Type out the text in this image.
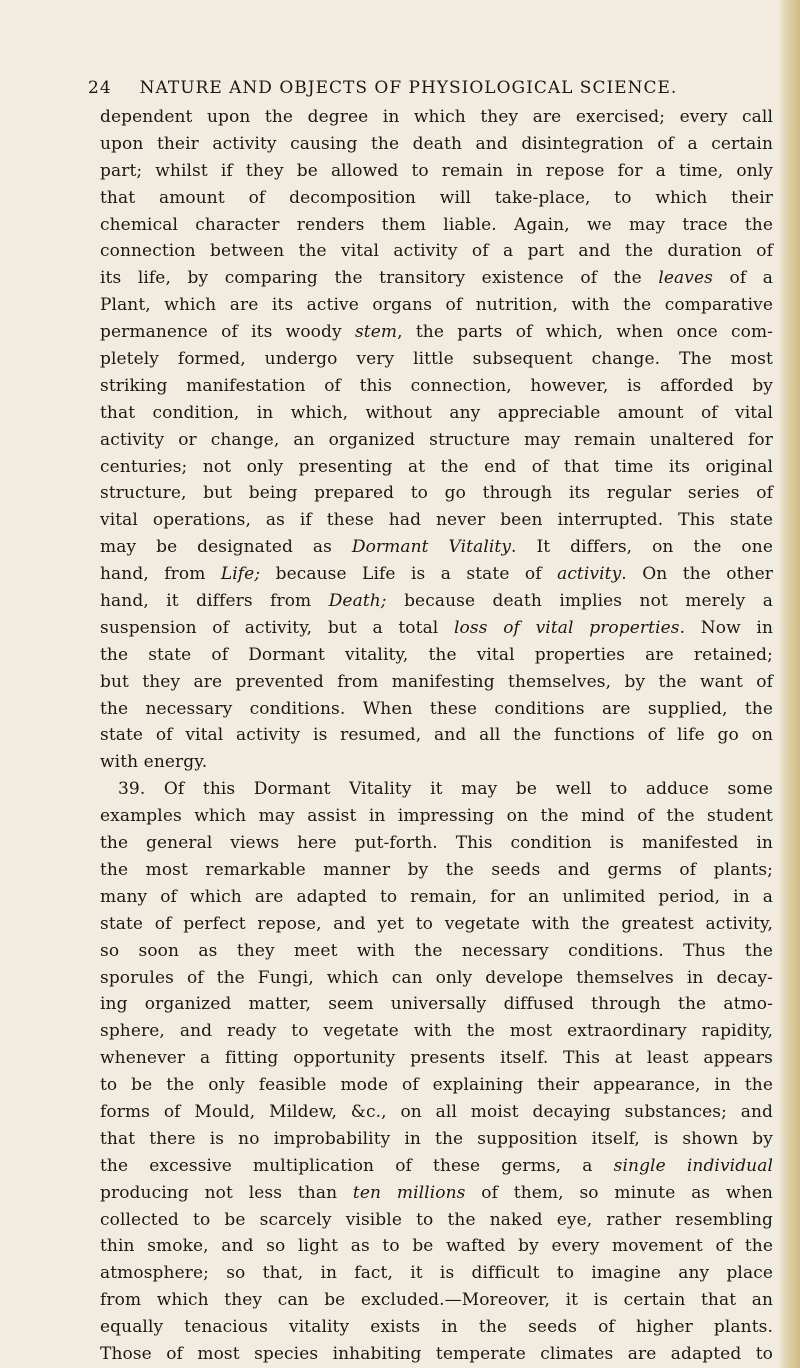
24 NATURE AND OBJECTS OF PHYSIOLOGICAL SCIENCE.
dependent upon the degree in which they are exercised; every call
upon their activity causing the death and disintegration of a certain
part; whilst if they be allowed to remain in repose for a time, only
that amount of decomposition will take-place, to which their
chemical character renders them liable. Again, we may trace the
connection between the vital activity of a part and the duration of
its life, by comparing the transitory existence of the leaves of a
Plant, which are its active organs of nutrition, with the comparative
permanence of its woody stem, the parts of which, when once com-
pletely formed, undergo very little subsequent change. The most
striking manifestation of this connection, however, is afforded by
that condition, in which, without any appreciable amount of vital
activity or change, an organized structure may remain unaltered for
centuries; not only presenting at the end of that time its original
structure, but being prepared to go through its regular series of
vital operations, as if these had never been interrupted. This state
may be designated as Dormant Vitality. It differs, on the one
hand, from Life; because Life is a state of activity. On the other
hand, it differs from Death; because death implies not merely a
suspension of activity, but a total loss of vital properties. Now in
the state of Dormant vitality, the vital properties are retained;
but they are prevented from manifesting themselves, by the want of
the necessary conditions. When these conditions are supplied, the
state of vital activity is resumed, and all the functions of life go on
with energy.
39. Of this Dormant Vitality it may be well to adduce some
examples which may assist in impressing on the mind of the student
the general views here put-forth. This condition is manifested in
the most remarkable manner by the seeds and germs of plants;
many of which are adapted to remain, for an unlimited period, in a
state of perfect repose, and yet to vegetate with the greatest activity,
so soon as they meet with the necessary conditions. Thus the
sporules of the Fungi, which can only develope themselves in decay-
ing organized matter, seem universally diffused through the atmo-
sphere, and ready to vegetate with the most extraordinary rapidity,
whenever a fitting opportunity presents itself. This at least appears
to be the only feasible mode of explaining their appearance, in the
forms of Mould, Mildew, &c., on all moist decaying substances; and
that there is no improbability in the supposition itself, is shown by
the excessive multiplication of these germs, a single individual
producing not less than ten millions of them, so minute as when
collected to be scarcely visible to the naked eye, rather resembling
thin smoke, and so light as to be wafted by every movement of the
atmosphere; so that, in fact, it is difficult to imagine any place
from which they can be excluded.—Moreover, it is certain that an
equally tenacious vitality exists in the seeds of higher plants.
Those of most species inhabiting temperate climates are adapted to
